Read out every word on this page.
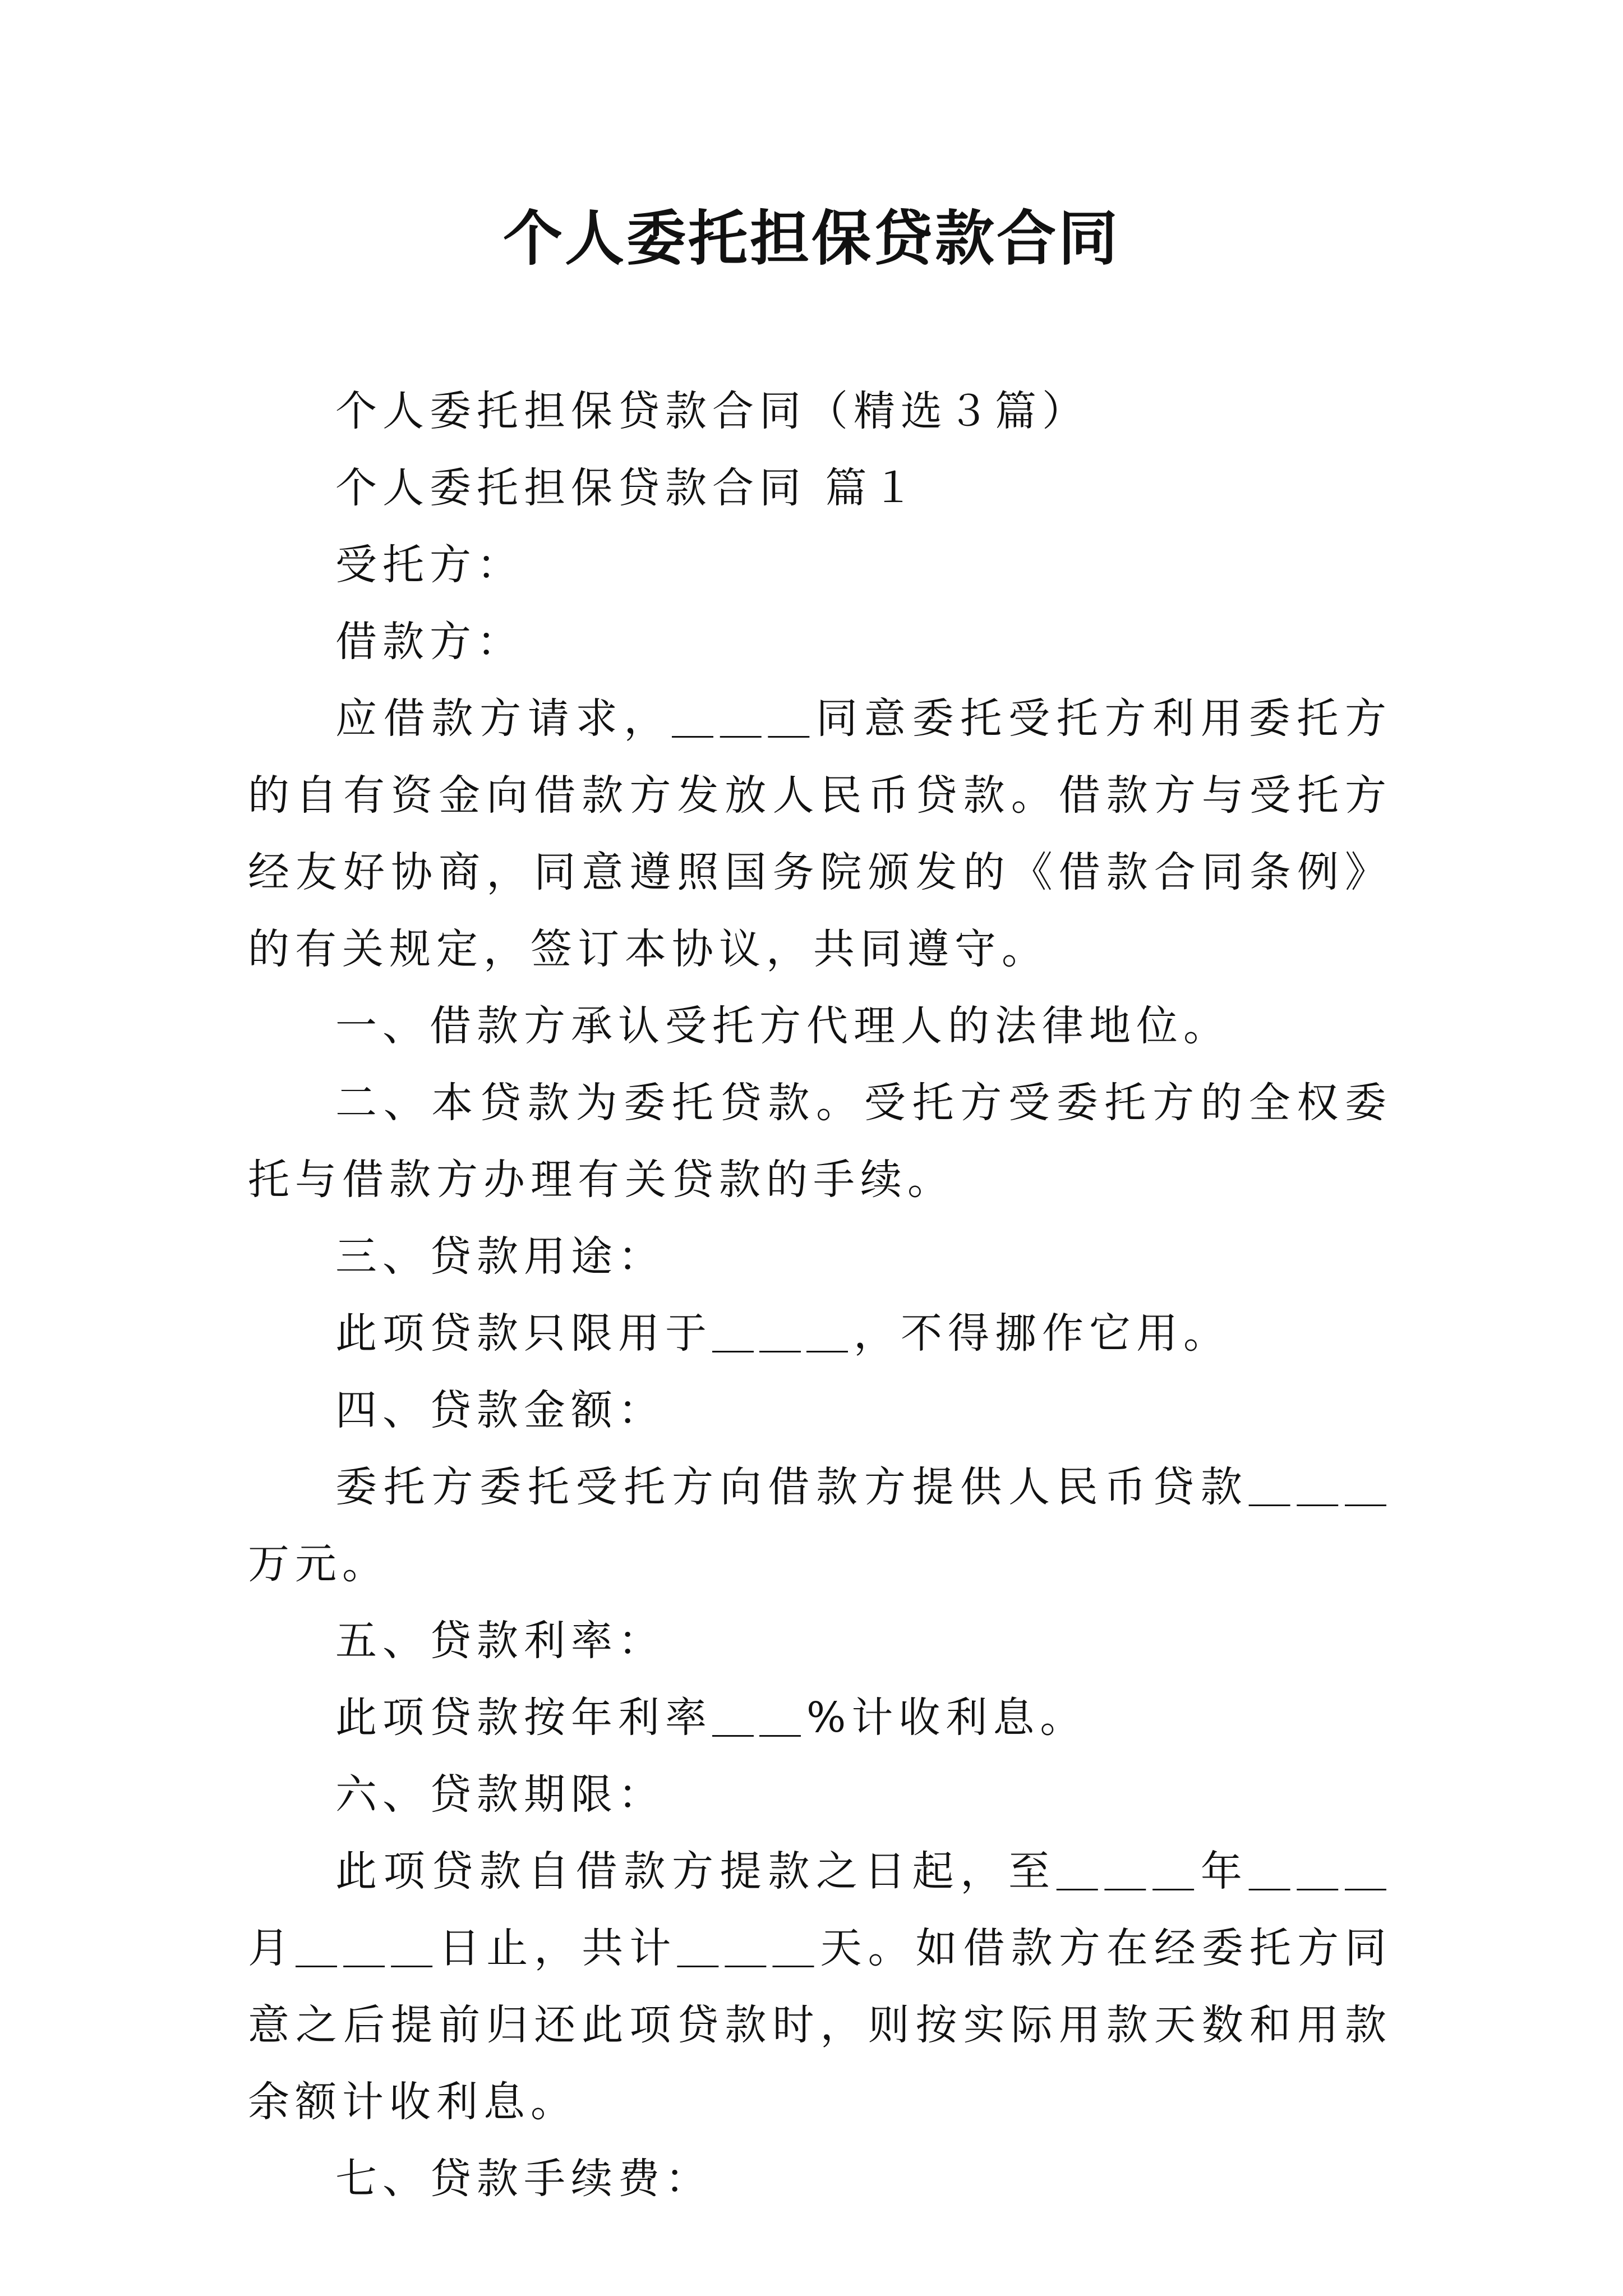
个人委托担保贷款合同

个人委托担保贷款合同（精选３篇）

个人委托担保贷款合同 篇１

受托方：

借款方：

应借款方请求，＿＿＿同意委托受托方利用委托方的自有资金向借款方发放人民币贷款。借款方与受托方经友好协商，同意遵照国务院颁发的《借款合同条例》的有关规定，签订本协议，共同遵守。

一、借款方承认受托方代理人的法律地位。

二、本贷款为委托贷款。受托方受委托方的全权委托与借款方办理有关贷款的手续。

三、贷款用途：

此项贷款只限用于＿＿＿，不得挪作它用。

四、贷款金额：

委托方委托受托方向借款方提供人民币贷款＿＿＿万元。

五、贷款利率：

此项贷款按年利率＿＿%计收利息。

六、贷款期限：

此项贷款自借款方提款之日起，至＿＿＿年＿＿＿月＿＿＿日止，共计＿＿＿天。如借款方在经委托方同意之后提前归还此项贷款时，则按实际用款天数和用款余额计收利息。

七、贷款手续费：
